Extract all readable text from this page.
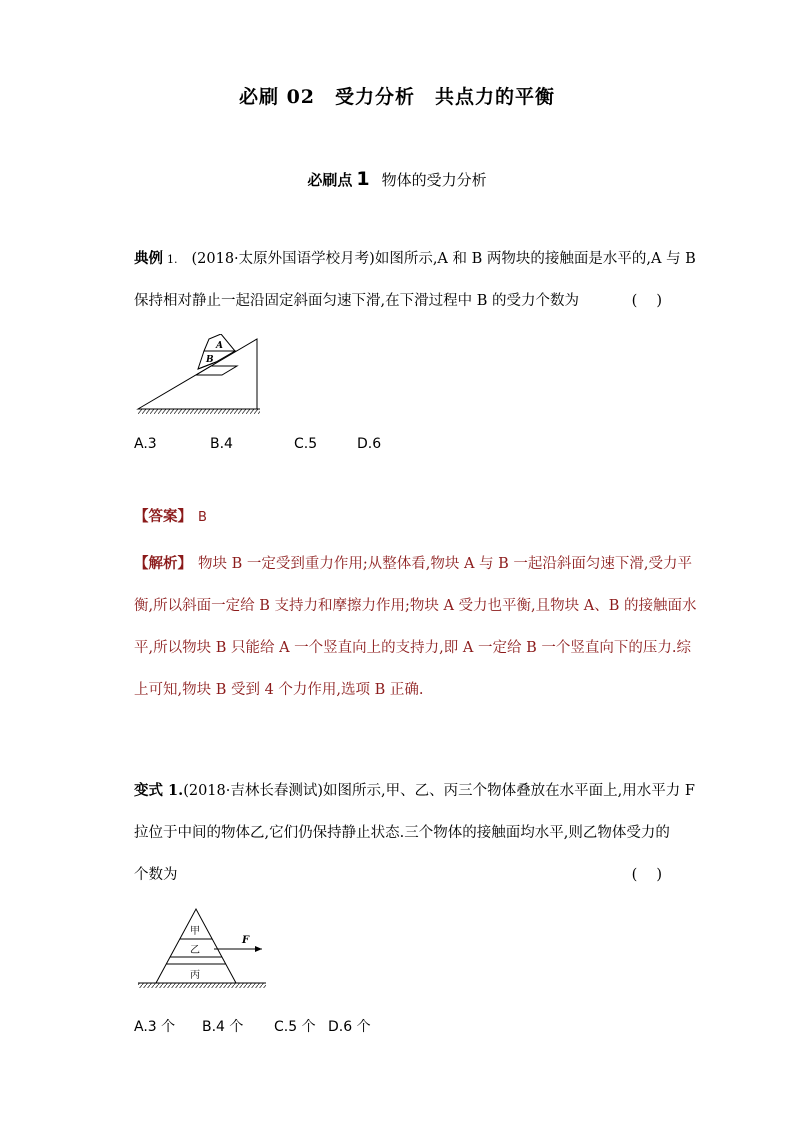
必刷 02　受力分析　共点力的平衡
必刷点 1 物体的受力分析
典例 1. (2018·太原外国语学校月考)如图所示,A 和 B 两物块的接触面是水平的,A 与 B
保持相对静止一起沿固定斜面匀速下滑,在下滑过程中 B 的受力个数为	(　 )
A
B
A.3	B.4	C.5	D.6
【答案】 B
【解析】 物块 B 一定受到重力作用;从整体看,物块 A 与 B 一起沿斜面匀速下滑,受力平
衡,所以斜面一定给 B 支持力和摩擦力作用;物块 A 受力也平衡,且物块 A、B 的接触面水
平,所以物块 B 只能给 A 一个竖直向上的支持力,即 A 一定给 B 一个竖直向下的压力.综
上可知,物块 B 受到 4 个力作用,选项 B 正确.
变式 1.(2018·吉林长春测试)如图所示,甲、乙、丙三个物体叠放在水平面上,用水平力 F
拉位于中间的物体乙,它们仍保持静止状态.三个物体的接触面均水平,则乙物体受力的
个数为	(　 )
甲
乙
丙
F
A.3 个 B.4 个 C.5 个 D.6 个
